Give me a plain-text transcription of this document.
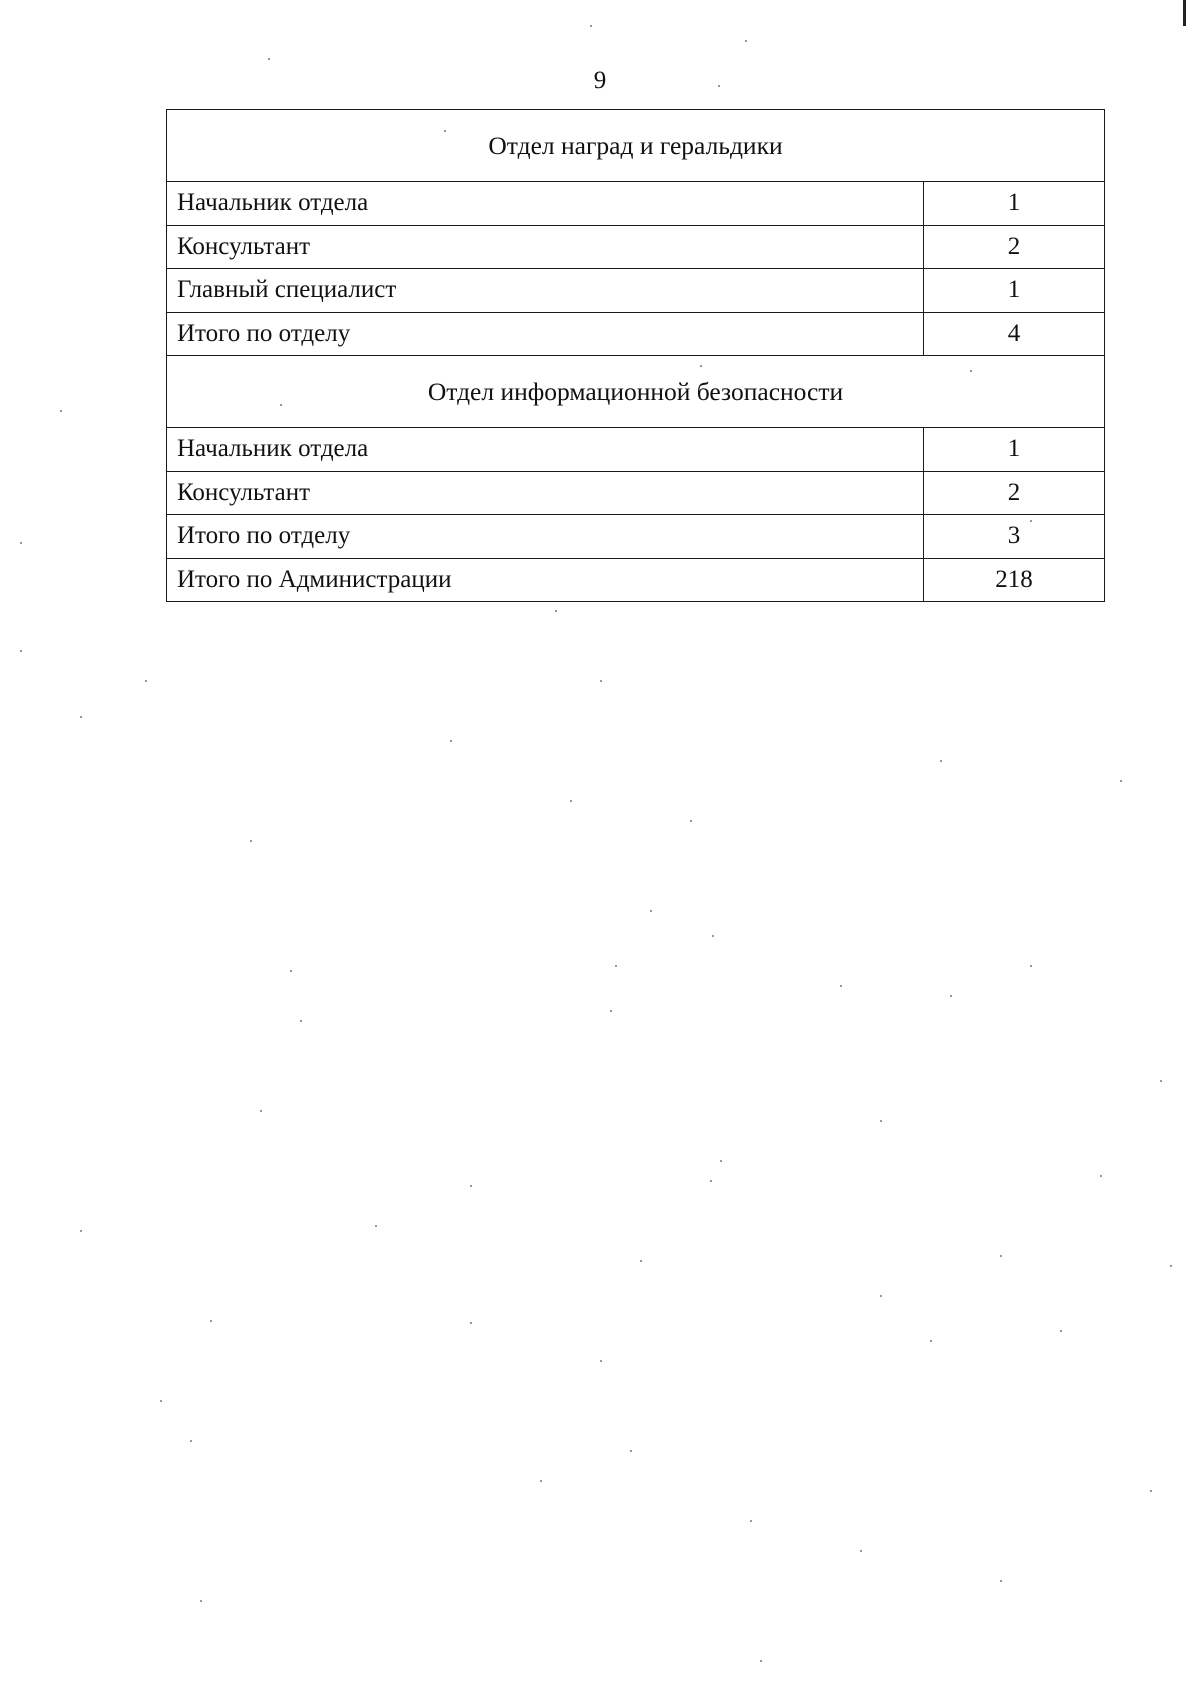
9
Отдел наград и геральдики	
Начальник отдела	1
Консультант	2
Главный специалист	1
Итого по отделу	4
Отдел информационной безопасности	
Начальник отдела	1
Консультант	2
Итого по отделу	3
Итого по Администрации	218
